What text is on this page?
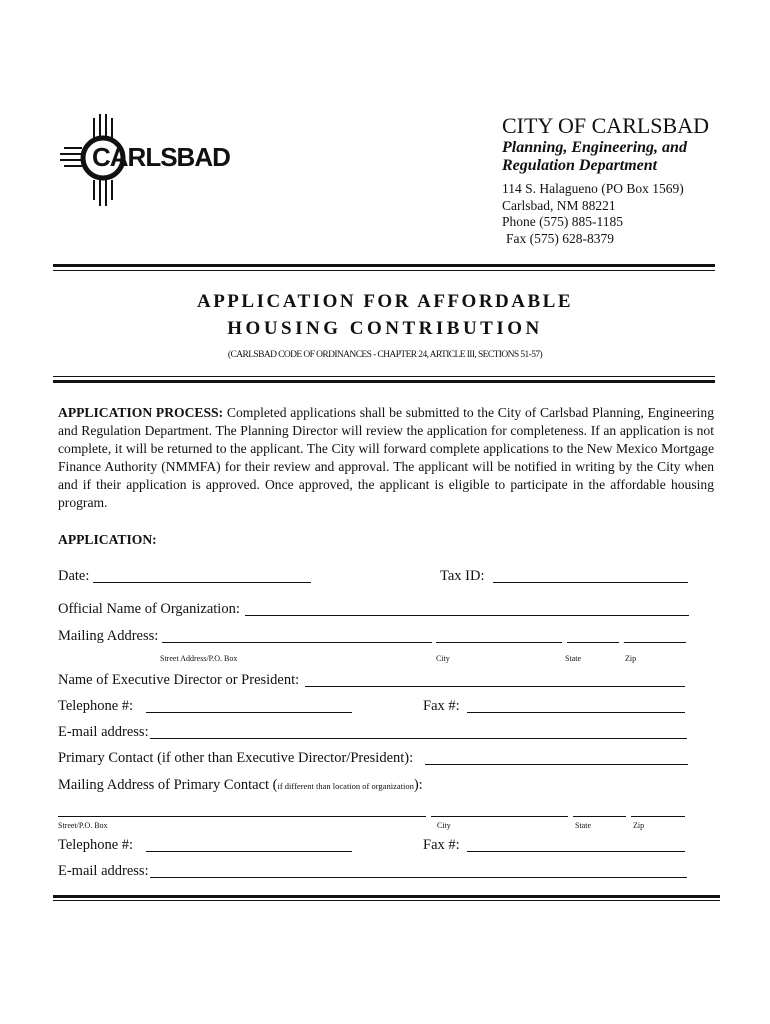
CARLSBAD
CITY OF CARLSBAD
Planning, Engineering, and
Regulation Department
114 S. Halagueno (PO Box 1569)
Carlsbad, NM 88221
Phone (575) 885-1185
Fax (575) 628-8379
APPLICATION FOR AFFORDABLE
HOUSING CONTRIBUTION
(CARLSBAD CODE OF ORDINANCES - CHAPTER 24, ARTICLE III, SECTIONS 51-57)
APPLICATION PROCESS: Completed applications shall be submitted to the City of Carlsbad Planning, Engineering and Regulation Department. The Planning Director will review the application for completeness. If an application is not complete, it will be returned to the applicant. The City will forward complete applications to the New Mexico Mortgage Finance Authority (NMMFA) for their review and approval. The applicant will be notified in writing by the City when and if their application is approved. Once approved, the applicant is eligible to participate in the affordable housing program.
APPLICATION:
Date:	Tax ID:
Official Name of Organization:
Mailing Address:
Street Address/P.O. Box	City	State	Zip
Name of Executive Director or President:
Telephone #:	Fax #:
E-mail address:
Primary Contact (if other than Executive Director/President):
Mailing Address of Primary Contact (if different than location of organization):
Street/P.O. Box	City	State	Zip
Telephone #:	Fax #:
E-mail address:
